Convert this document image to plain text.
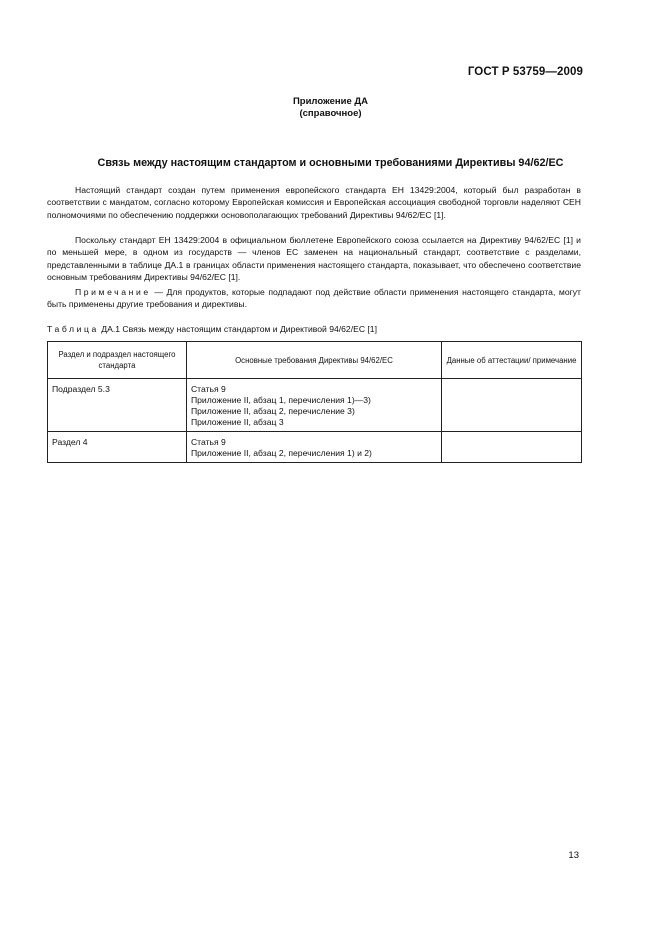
ГОСТ Р 53759—2009
Приложение ДА
(справочное)
Связь между настоящим стандартом и основными требованиями Директивы 94/62/ЕС

Настоящий стандарт создан путем применения европейского стандарта ЕН 13429:2004, который был разработан в соответствии с мандатом, согласно которому Европейская комиссия и Европейская ассоциация свободной торговли наделяют СЕН полномочиями по обеспечению поддержки основополагающих требований Директивы 94/62/ЕС [1].

Поскольку стандарт ЕН 13429:2004 в официальном бюллетене Европейского союза ссылается на Директиву 94/62/ЕС [1] и по меньшей мере, в одном из государств — членов ЕС заменен на национальный стандарт, соответствие с разделами, представленными в таблице ДА.1 в границах области применения настоящего стандарта, показывает, что обеспечено соответствие основным требованиям Директивы 94/62/ЕС [1].

Примечание — Для продуктов, которые подпадают под действие области применения настоящего стандарта, могут быть применены другие требования и директивы.

Таблица ДА.1 Связь между настоящим стандартом и Директивой 94/62/ЕС [1]
Раздел и подраздел настоящего стандарта	Основные требования Директивы 94/62/ЕС	Данные об аттестации/ примечание
Подраздел 5.3	Статья 9
Приложение II, абзац 1, перечисления 1)—3)
Приложение II, абзац 2, перечисление 3)
Приложение II, абзац 3	

Раздел 4	Статья 9
Приложение II, абзац 2, перечисления 1) и 2)	

13
